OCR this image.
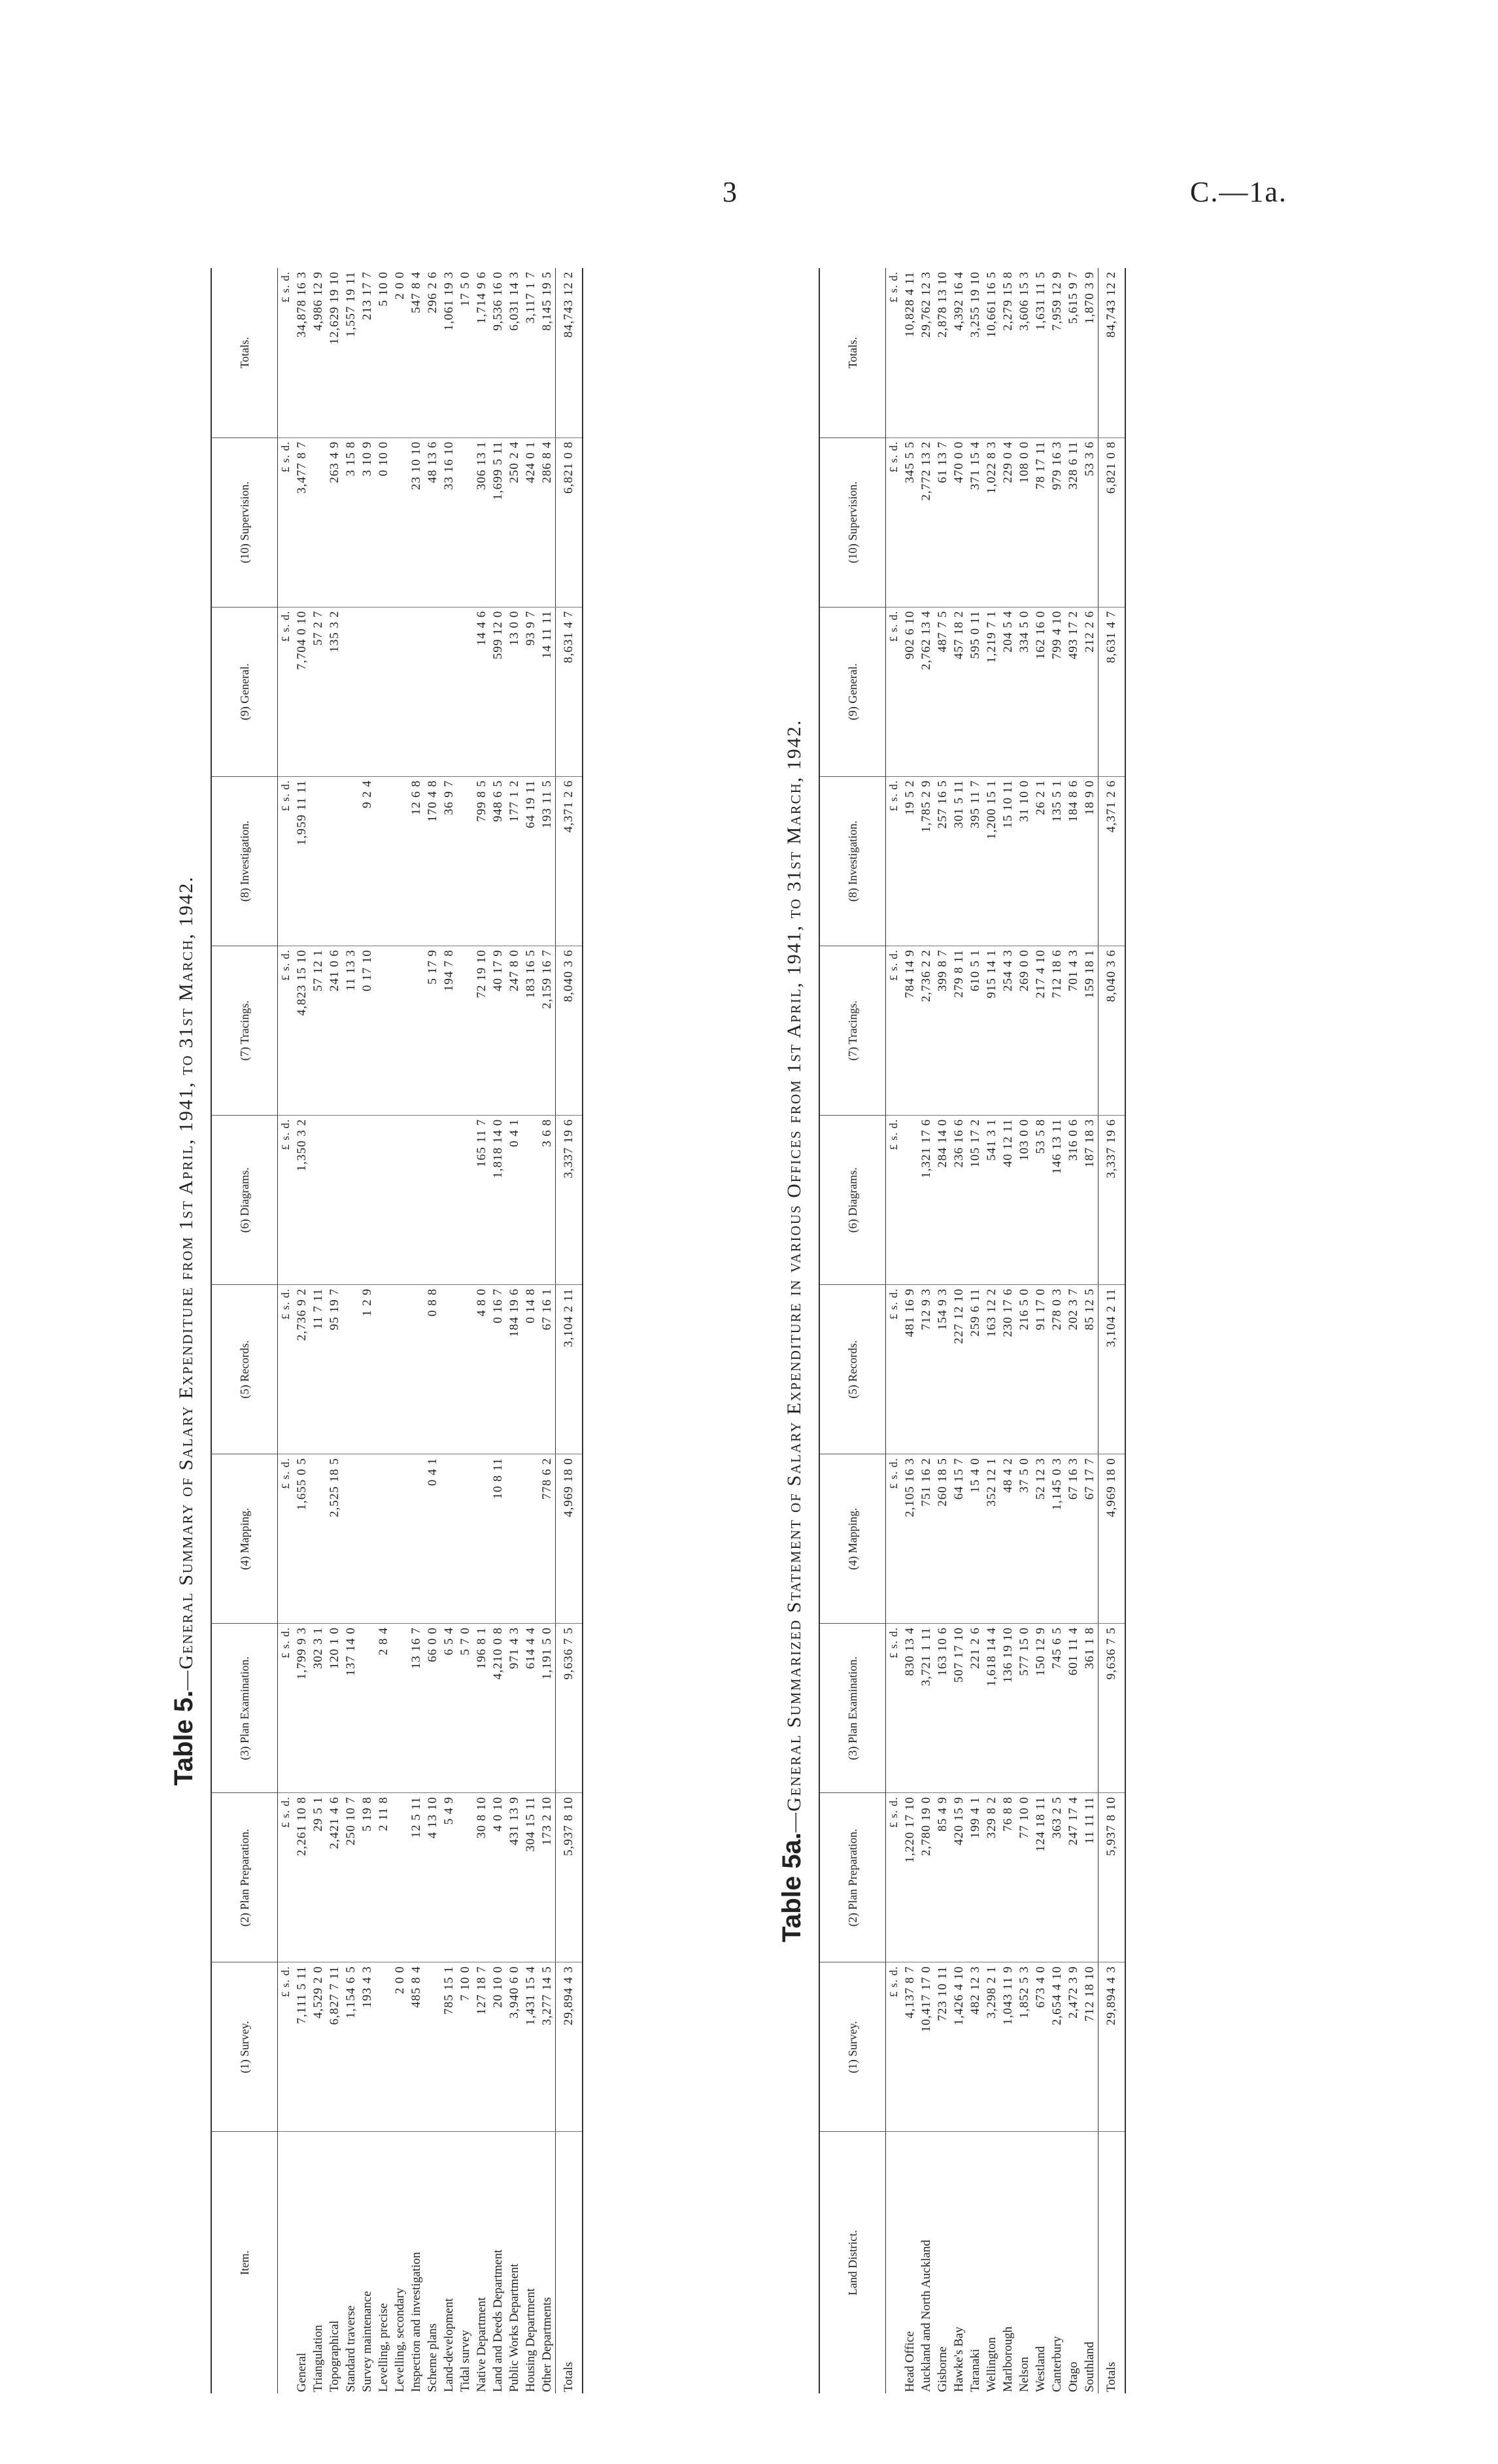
3	C.—1a.
Table 5.—General Summary of Salary Expenditure from 1st April, 1941, to 31st March, 1942.
Item.	(1) Survey.	(2) Plan Preparation.	(3) Plan Examination.	(4) Mapping.	(5) Records.	(6) Diagrams.	(7) Tracings.	(8) Investigation.	(9) General.	(10) Supervision.	Totals.
	£ s. d.	£ s. d.	£ s. d.	£ s. d.	£ s. d.	£ s. d.	£ s. d.	£ s. d.	£ s. d.	£ s. d.	£ s. d.
General	7,111 5 11	2,261 10 8	1,799 9 3	1,655 0 5	2,736 9 2	1,350 3 2	4,823 15 10	1,959 11 11	7,704 0 10	3,477 8 7	34,878 16 3
Triangulation	4,529 2 0	29 5 1	302 3 1		11 7 11		57 12 1		57 2 7		4,986 12 9
Topographical	6,827 7 11	2,421 4 6	120 1 0	2,525 18 5	95 19 7		241 0 6		135 3 2	263 4 9	12,629 19 10
Standard traverse	1,154 6 5	250 10 7	137 14 0				11 13 3			3 15 8	1,557 19 11
Survey maintenance	193 4 3	5 19 8			1 2 9		0 17 10	9 2 4		3 10 9	213 17 7
Levelling, precise		2 11 8	2 8 4							0 10 0	5 10 0
Levelling, secondary	2 0 0										2 0 0
Inspection and investigation	485 8 4	12 5 11	13 16 7					12 6 8		23 10 10	547 8 4
Scheme plans		4 13 10	66 0 0	0 4 1	0 8 8		5 17 9	170 4 8		48 13 6	296 2 6
Land-development	785 15 1	5 4 9	6 5 4				194 7 8	36 9 7		33 16 10	1,061 19 3
Tidal survey	7 10 0		5 7 0								17 5 0
Native Department	127 18 7	30 8 10	196 8 1		4 8 0	165 11 7	72 19 10	799 8 5	14 4 6	306 13 1	1,714 9 6
Land and Deeds Department	20 10 0	4 0 10	4,210 0 8	10 8 11	0 16 7	1,818 14 0	40 17 9	948 6 5	599 12 0	1,699 5 11	9,536 16 0
Public Works Department	3,940 6 0	431 13 9	971 4 3		184 19 6	0 4 1	247 8 0	177 1 2	13 0 0	250 2 4	6,031 14 3
Housing Department	1,431 15 4	304 15 11	614 4 4		0 14 8		183 16 5	64 19 11	93 9 7	424 0 1	3,117 1 7
Other Departments	3,277 14 5	173 2 10	1,191 5 0	778 6 2	67 16 1	3 6 8	2,159 16 7	193 11 5	14 11 11	286 8 4	8,145 19 5
Totals	29,894 4 3	5,937 8 10	9,636 7 5	4,969 18 0	3,104 2 11	3,337 19 6	8,040 3 6	4,371 2 6	8,631 4 7	6,821 0 8	84,743 12 2
Table 5a.—General Summarized Statement of Salary Expenditure in various Offices from 1st April, 1941, to 31st March, 1942.
Land District.	(1) Survey.	(2) Plan Preparation.	(3) Plan Examination.	(4) Mapping.	(5) Records.	(6) Diagrams.	(7) Tracings.	(8) Investigation.	(9) General.	(10) Supervision.	Totals.
	£ s. d.	£ s. d.	£ s. d.	£ s. d.	£ s. d.	£ s. d.	£ s. d.	£ s. d.	£ s. d.	£ s. d.	£ s. d.
Head Office	4,137 8 7	1,220 17 10	830 13 4	2,105 16 3	481 16 9		784 14 9	19 5 2	902 6 10	345 5 5	10,828 4 11
Auckland and North Auckland	10,417 17 0	2,780 19 0	3,721 1 11	751 16 2	712 9 3	1,321 17 6	2,736 2 2	1,785 2 9	2,762 13 4	2,772 13 2	29,762 12 3
Gisborne	723 10 11	85 4 9	163 10 6	260 18 5	154 9 3	284 14 0	399 8 7	257 16 5	487 7 5	61 13 7	2,878 13 10
Hawke's Bay	1,426 4 10	420 15 9	507 17 10	64 15 7	227 12 10	236 16 6	279 8 11	301 5 11	457 18 2	470 0 0	4,392 16 4
Taranaki	482 12 3	199 4 1	221 2 6	15 4 0	259 6 11	105 17 2	610 5 1	395 11 7	595 0 11	371 15 4	3,255 19 10
Wellington	3,298 2 1	329 8 2	1,618 14 4	352 12 1	163 12 2	541 3 1	915 14 1	1,200 15 1	1,219 7 1	1,022 8 3	10,661 16 5
Marlborough	1,043 11 9	76 8 8	136 19 10	48 4 2	230 17 6	40 12 11	254 4 3	15 10 11	204 5 4	229 0 4	2,279 15 8
Nelson	1,852 5 3	77 10 0	577 15 0	37 5 0	216 5 0	103 0 0	269 0 0	31 10 0	334 5 0	108 0 0	3,606 15 3
Westland	673 4 0	124 18 11	150 12 9	52 12 3	91 17 0	53 5 8	217 4 10	26 2 1	162 16 0	78 17 11	1,631 11 5
Canterbury	2,654 4 10	363 2 5	745 6 5	1,145 0 3	278 0 3	146 13 11	712 18 6	135 5 1	799 4 10	979 16 3	7,959 12 9
Otago	2,472 3 9	247 17 4	601 11 4	67 16 3	202 3 7	316 0 6	701 4 3	184 8 6	493 17 2	328 6 11	5,615 9 7
Southland	712 18 10	11 11 11	361 1 8	67 17 7	85 12 5	187 18 3	159 18 1	18 9 0	212 2 6	53 3 6	1,870 3 9
Totals	29,894 4 3	5,937 8 10	9,636 7 5	4,969 18 0	3,104 2 11	3,337 19 6	8,040 3 6	4,371 2 6	8,631 4 7	6,821 0 8	84,743 12 2
